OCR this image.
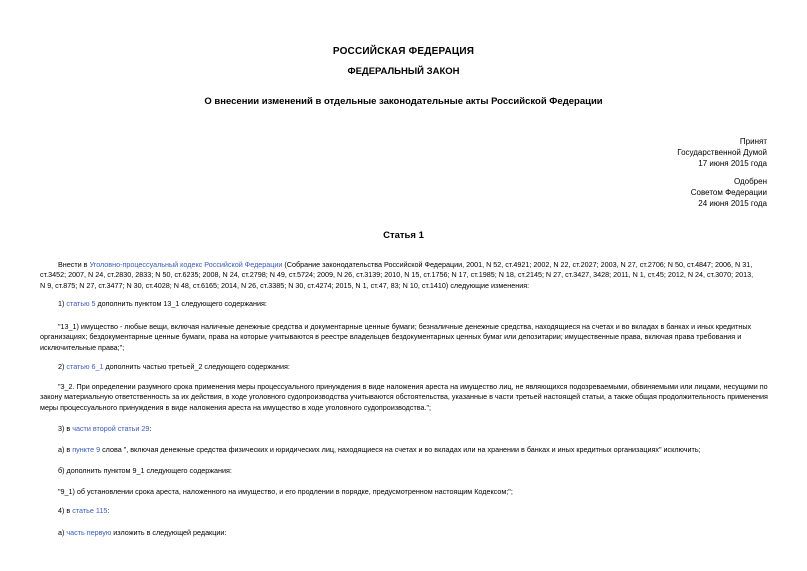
РОССИЙСКАЯ ФЕДЕРАЦИЯ
ФЕДЕРАЛЬНЫЙ ЗАКОН
О внесении изменений в отдельные законодательные акты Российской Федерации
Принят
Государственной Думой
17 июня 2015 года
Одобрен
Советом Федерации
24 июня 2015 года
Статья 1
Внести в Уголовно-процессуальный кодекс Российской Федерации (Собрание законодательства Российской Федерации, 2001, N 52, ст.4921; 2002, N 22, ст.2027; 2003, N 27, ст.2706; N 50, ст.4847; 2006, N 31,
ст.3452; 2007, N 24, ст.2830, 2833; N 50, ст.6235; 2008, N 24, ст.2798; N 49, ст.5724; 2009, N 26, ст.3139; 2010, N 15, ст.1756; N 17, ст.1985; N 18, ст.2145; N 27, ст.3427, 3428; 2011, N 1, ст.45; 2012, N 24, ст.3070; 2013,
N 9, ст.875; N 27, ст.3477; N 30, ст.4028; N 48, ст.6165; 2014, N 26, ст.3385; N 30, ст.4274; 2015, N 1, ст.47, 83; N 10, ст.1410) следующие изменения:
1) статью 5 дополнить пунктом 13_1 следующего содержания:
"13_1) имущество - любые вещи, включая наличные денежные средства и документарные ценные бумаги; безналичные денежные средства, находящиеся на счетах и во вкладах в банках и иных кредитных
организациях; бездокументарные ценные бумаги, права на которые учитываются в реестре владельцев бездокументарных ценных бумаг или депозитарии; имущественные права, включая права требования и
исключительные права;";
2) статью 6_1 дополнить частью третьей_2 следующего содержания:
"3_2. При определении разумного срока применения меры процессуального принуждения в виде наложения ареста на имущество лиц, не являющихся подозреваемыми, обвиняемыми или лицами, несущими по
закону материальную ответственность за их действия, в ходе уголовного судопроизводства учитываются обстоятельства, указанные в части третьей настоящей статьи, а также общая продолжительность применения
меры процессуального принуждения в виде наложения ареста на имущество в ходе уголовного судопроизводства.";
3) в части второй статьи 29:
а) в пункте 9 слова ", включая денежные средства физических и юридических лиц, находящиеся на счетах и во вкладах или на хранении в банках и иных кредитных организациях" исключить;
б) дополнить пунктом 9_1 следующего содержания:
"9_1) об установлении срока ареста, наложенного на имущество, и его продлении в порядке, предусмотренном настоящим Кодексом;";
4) в статье 115:
а) часть первую изложить в следующей редакции:
